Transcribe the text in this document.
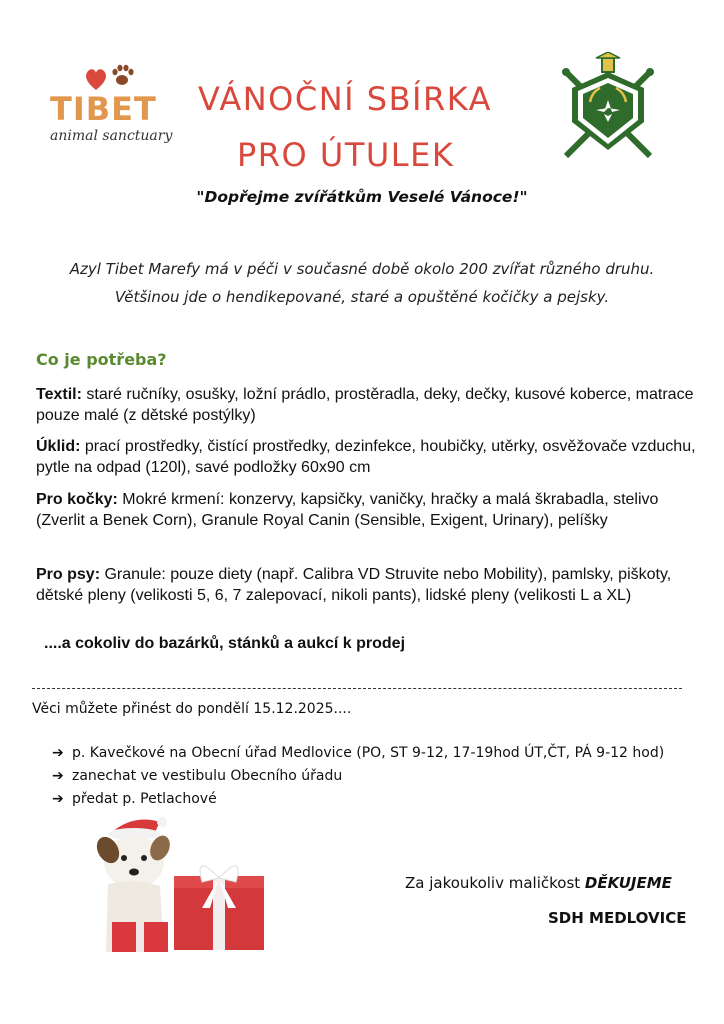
TIBET
animal sanctuary
VÁNOČNÍ SBÍRKA
PRO ÚTULEK
"Dopřejme zvířátkům Veselé Vánoce!"
Azyl Tibet Marefy má v péči v současné době okolo 200 zvířat různého druhu.
Většinou jde o hendikepované, staré a opuštěné kočičky a pejsky.
Co je potřeba?
Textil: staré ručníky, osušky, ložní prádlo, prostěradla, deky, dečky, kusové koberce, matrace pouze malé (z dětské postýlky)
Úklid: prací prostředky, čistící prostředky, dezinfekce, houbičky, utěrky, osvěžovače vzduchu, pytle na odpad (120l), savé podložky 60x90 cm
Pro kočky: Mokré krmení: konzervy, kapsičky, vaničky, hračky a malá škrabadla, stelivo (Zverlit a Benek Corn), Granule Royal Canin (Sensible, Exigent, Urinary), pelíšky
Pro psy: Granule: pouze diety (např. Calibra VD Struvite nebo Mobility), pamlsky, piškoty, dětské pleny (velikosti 5, 6, 7 zalepovací, nikoli pants), lidské pleny (velikosti L a XL)
....a cokoliv do bazárků, stánků a aukcí k prodej
Věci můžete přinést do pondělí 15.12.2025....
➔ p. Kavečkové na Obecní úřad Medlovice (PO, ST 9-12, 17-19hod ÚT,ČT, PÁ 9-12 hod)
➔ zanechat ve vestibulu Obecního úřadu
➔ předat p. Petlachové
Za jakoukoliv maličkost DĚKUJEME
SDH MEDLOVICE
